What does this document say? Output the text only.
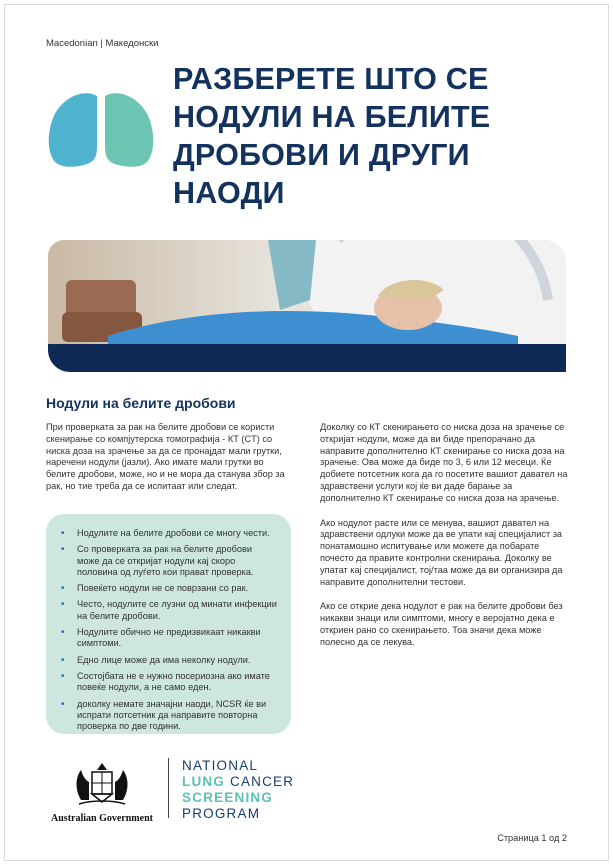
Macedonian | Македонски
РАЗБЕРЕТЕ ШТО СЕ НОДУЛИ НА БЕЛИТЕ ДРОБОВИ И ДРУГИ НАОДИ
Нодули на белите дробови

При проверката за рак на белите дробови се користи скенирање со компјутерска томографија - КТ (CT) со ниска доза на зрачење за да се пронајдат мали грутки, наречени нодули (јазли). Ако имате мали грутки во белите дробови, може, но и не мора да станува збор за рак, но тие треба да се испитаат или следат.

• Нодулите на белите дробови се многу чести.
• Со проверката за рак на белите дробови може да се откријат нодули кај скоро половина од луѓето кои прават проверка.
• Повеќето нодули не се поврзани со рак.
• Често, нодулите се лузни од минати инфекции на белите дробови.
• Нодулите обично не предизвикаат никакви симптоми.
• Едно лице може да има неколку нодули.
• Состојбата не е нужно посериозна ако имате повеќе нодули, а не само еден.
• доколку немате значајни наоди, NCSR ќе ви испрати потсетник да направите повторна проверка по две години.

Доколку со КТ скенирањето со ниска доза на зрачење се откријат нодули, може да ви биде препорачано да направите дополнително КТ скенирање со ниска доза на зрачење. Ова може да биде по 3, 6 или 12 месеци. Ќе добиете потсетник кога да го посетите вашиот давател на здравствени услуги кој ќе ви даде барање за дополнително КТ скенирање со ниска доза на зрачење.

Ако нодулот расте или се менува, вашиот давател на здравствени одлуки може да ве упати кај специјалист за понатамошно испитување или можете да побарате почесто да правите контролни скенирања. Доколку ве упатат кај специјалист, тој/таа може да ви организира да направите дополнителни тестови.

Ако се открие дека нодулот е рак на белите дробови без никакви знаци или симптоми, многу е веројатно дека е откриен рано со скенирањето. Тоа значи дека може полесно да се лекува.

Australian Government
NATIONAL
LUNG CANCER
SCREENING
PROGRAM
Страница 1 од 2
